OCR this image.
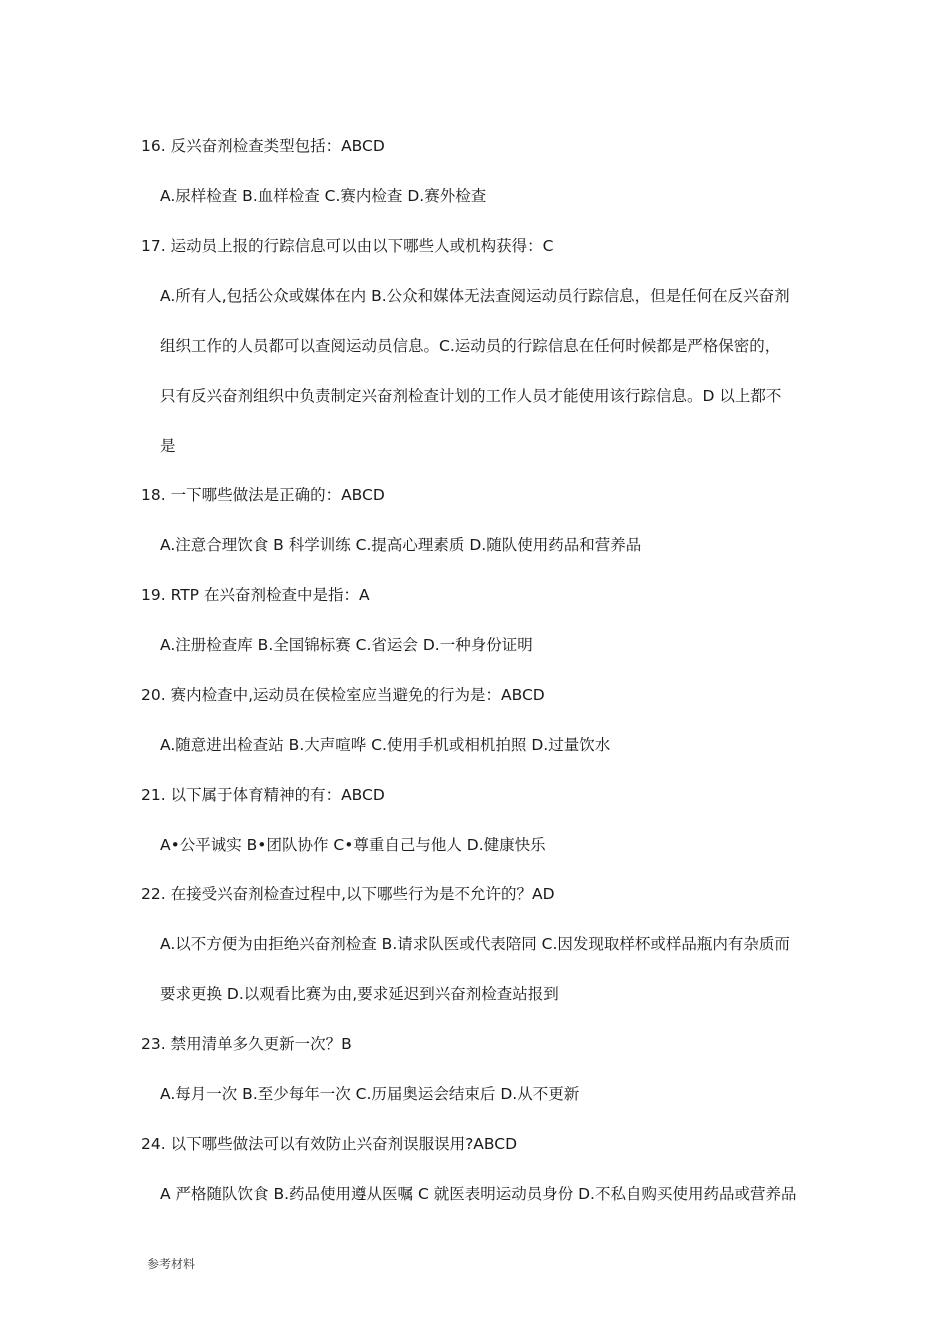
16. 反兴奋剂检查类型包括：ABCD
A.尿样检查 B.血样检查 C.赛内检查 D.赛外检查
17. 运动员上报的行踪信息可以由以下哪些人或机构获得：C
A.所有人,包括公众或媒体在内 B.公众和媒体无法查阅运动员行踪信息，但是任何在反兴奋剂
组织工作的人员都可以查阅运动员信息。C.运动员的行踪信息在任何时候都是严格保密的，
只有反兴奋剂组织中负责制定兴奋剂检查计划的工作人员才能使用该行踪信息。D 以上都不
是
18. 一下哪些做法是正确的：ABCD
A.注意合理饮食 B 科学训练 C.提高心理素质 D.随队使用药品和营养品
19. RTP 在兴奋剂检查中是指：A
A.注册检查库 B.全国锦标赛 C.省运会 D.一种身份证明
20. 赛内检查中,运动员在侯检室应当避免的行为是：ABCD
A.随意进出检查站 B.大声喧哗 C.使用手机或相机拍照 D.过量饮水
21. 以下属于体育精神的有：ABCD
A•公平诚实 B•团队协作 C•尊重自己与他人 D.健康快乐
22. 在接受兴奋剂检查过程中,以下哪些行为是不允许的？AD
A.以不方便为由拒绝兴奋剂检查 B.请求队医或代表陪同 C.因发现取样杯或样品瓶内有杂质而
要求更换 D.以观看比赛为由,要求延迟到兴奋剂检查站报到
23. 禁用清单多久更新一次？B
A.每月一次 B.至少每年一次 C.历届奥运会结束后 D.从不更新
24. 以下哪些做法可以有效防止兴奋剂误服误用?ABCD
A 严格随队饮食 B.药品使用遵从医嘱 C 就医表明运动员身份 D.不私自购买使用药品或营养品
参考材料
